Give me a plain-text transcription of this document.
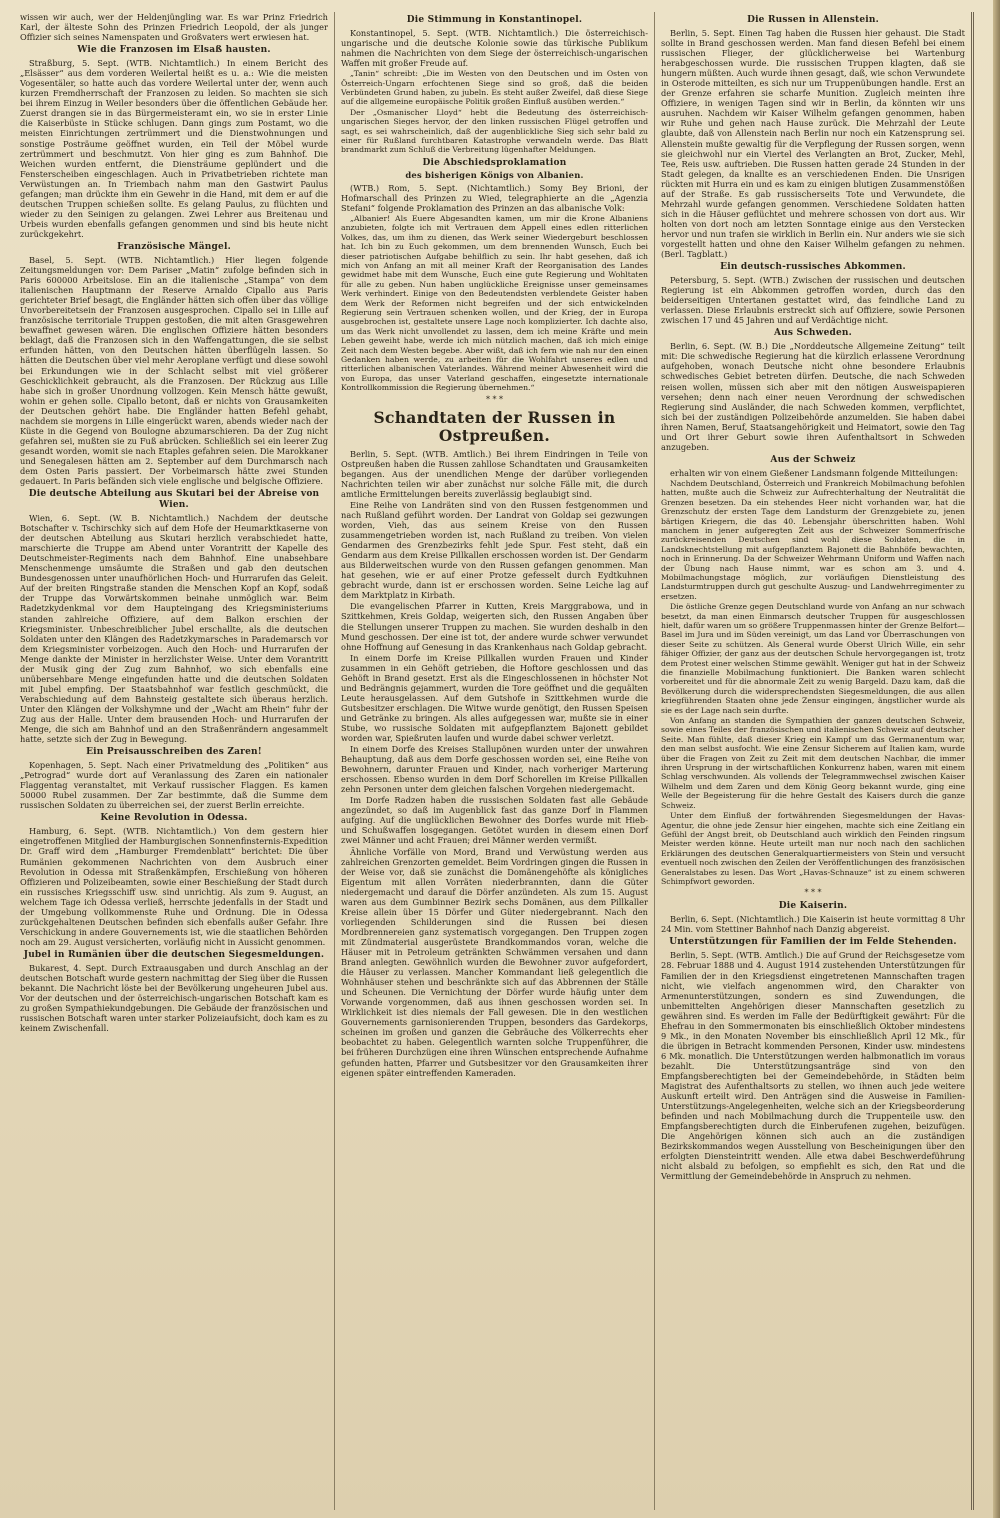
wissen wir auch, wer der Heldenjüngling war. Es war Prinz Friedrich Karl, der älteste Sohn des Prinzen Friedrich Leopold, der als junger Offizier sich seines Namenspaten und Großvaters wert erwiesen hat.

Wie die Franzosen im Elsaß hausten.

Straßburg, 5. Sept. (WTB. Nichtamtlich.) In einem Bericht des „Elsässer“ aus dem vorderen Weilertal heißt es u. a.: Wie die meisten Vogesentäler, so hatte auch das vordere Weilertal unter der, wenn auch kurzen Fremdherrschaft der Franzosen zu leiden. So machten sie sich bei ihrem Einzug in Weiler besonders über die öffentlichen Gebäude her. Zuerst drangen sie in das Bürgermeisteramt ein, wo sie in erster Linie die Kaiserbüste in Stücke schlugen. Dann gings zum Postamt, wo die meisten Einrichtungen zertrümmert und die Dienstwohnungen und sonstige Posträume geöffnet wurden, ein Teil der Möbel wurde zertrümmert und beschmutzt. Von hier ging es zum Bahnhof. Die Weichen wurden entfernt, die Diensträume geplündert und die Fensterscheiben eingeschlagen. Auch in Privatbetrieben richtete man Verwüstungen an. In Triembach nahm man den Gastwirt Paulus gefangen; man drückte ihm ein Gewehr in die Hand, mit dem er auf die deutschen Truppen schießen sollte. Es gelang Paulus, zu flüchten und wieder zu den Seinigen zu gelangen. Zwei Lehrer aus Breitenau und Urbeis wurden ebenfalls gefangen genommen und sind bis heute nicht zurückgekehrt.

Französische Mängel.

Basel, 5. Sept. (WTB. Nichtamtlich.) Hier liegen folgende Zeitungsmeldungen vor: Dem Pariser „Matin“ zufolge befinden sich in Paris 600000 Arbeitslose. Ein an die italienische „Stampa“ von dem italienischen Hauptmann der Reserve Arnaldo Cipallo aus Paris gerichteter Brief besagt, die Engländer hätten sich offen über das völlige Unvorbereitetsein der Franzosen ausgesprochen. Cipallo sei in Lille auf französische territoriale Truppen gestoßen, die mit alten Grasgewehren bewaffnet gewesen wären. Die englischen Offiziere hätten besonders beklagt, daß die Franzosen sich in den Waffengattungen, die sie selbst erfunden hätten, von den Deutschen hätten überflügeln lassen. So hätten die Deutschen über viel mehr Aeroplane verfügt und diese sowohl bei Erkundungen wie in der Schlacht selbst mit viel größerer Geschicklichkeit gebraucht, als die Franzosen. Der Rückzug aus Lille habe sich in großer Unordnung vollzogen. Kein Mensch hätte gewußt, wohin er gehen solle. Cipallo betont, daß er nichts von Grausamkeiten der Deutschen gehört habe. Die Engländer hatten Befehl gehabt, nachdem sie morgens in Lille eingerückt waren, abends wieder nach der Küste in die Gegend von Boulogne abzumarschieren. Da der Zug nicht gefahren sei, mußten sie zu Fuß abrücken. Schließlich sei ein leerer Zug gesandt worden, womit sie nach Etaples gefahren seien. Die Marokkaner und Senegalesen hätten am 2. September auf dem Durchmarsch nach dem Osten Paris passiert. Der Vorbeimarsch hätte zwei Stunden gedauert. In Paris befänden sich viele englische und belgische Offiziere.

Die deutsche Abteilung aus Skutari bei der Abreise von Wien.

Wien, 6. Sept. (W. B. Nichtamtlich.) Nachdem der deutsche Botschafter v. Tschirschky sich auf dem Hofe der Heumarktkaserne von der deutschen Abteilung aus Skutari herzlich verabschiedet hatte, marschierte die Truppe am Abend unter Vorantritt der Kapelle des Deutschmeister-Regiments nach dem Bahnhof. Eine unabsehbare Menschenmenge umsäumte die Straßen und gab den deutschen Bundesgenossen unter unaufhörlichen Hoch- und Hurrarufen das Geleit. Auf der breiten Ringstraße standen die Menschen Kopf an Kopf, sodaß der Truppe das Vorwärtskommen beinahe unmöglich war. Beim Radetzkydenkmal vor dem Haupteingang des Kriegsministeriums standen zahlreiche Offiziere, auf dem Balkon erschien der Kriegsminister. Unbeschreiblicher Jubel erschallte, als die deutschen Soldaten unter den Klängen des Radetzkymarsches in Parademarsch vor dem Kriegsminister vorbeizogen. Auch den Hoch- und Hurrarufen der Menge dankte der Minister in herzlichster Weise. Unter dem Vorantritt der Musik ging der Zug zum Bahnhof, wo sich ebenfalls eine unübersehbare Menge eingefunden hatte und die deutschen Soldaten mit Jubel empfing. Der Staatsbahnhof war festlich geschmückt, die Verabschiedung auf dem Bahnsteig gestaltete sich überaus herzlich. Unter den Klängen der Volkshymne und der „Wacht am Rhein“ fuhr der Zug aus der Halle. Unter dem brausenden Hoch- und Hurrarufen der Menge, die sich am Bahnhof und an den Straßenrändern angesammelt hatte, setzte sich der Zug in Bewegung.

Ein Preisausschreiben des Zaren!

Kopenhagen, 5. Sept. Nach einer Privatmeldung des „Politiken“ aus „Petrograd“ wurde dort auf Veranlassung des Zaren ein nationaler Flaggentag veranstaltet, mit Verkauf russischer Flaggen. Es kamen 50000 Rubel zusammen. Der Zar bestimmte, daß die Summe dem russischen Soldaten zu überreichen sei, der zuerst Berlin erreichte.

Keine Revolution in Odessa.

Hamburg, 6. Sept. (WTB. Nichtamtlich.) Von dem gestern hier eingetroffenen Mitglied der Hamburgischen Sonnenfinsternis-Expedition Dr. Graff wird dem „Hamburger Fremdenblatt“ berichtet: Die über Rumänien gekommenen Nachrichten von dem Ausbruch einer Revolution in Odessa mit Straßenkämpfen, Erschießung von höheren Offizieren und Polizeibeamten, sowie einer Beschießung der Stadt durch ein russisches Kriegsschiff usw. sind unrichtig. Als zum 9. August, an welchem Tage ich Odessa verließ, herrschte jedenfalls in der Stadt und der Umgebung vollkommenste Ruhe und Ordnung. Die in Odessa zurückgehaltenen Deutschen befinden sich ebenfalls außer Gefahr. Ihre Verschickung in andere Gouvernements ist, wie die staatlichen Behörden noch am 29. August versicherten, vorläufig nicht in Aussicht genommen.

Jubel in Rumänien über die deutschen Siegesmeldungen.

Bukarest, 4. Sept. Durch Extraausgaben und durch Anschlag an der deutschen Botschaft wurde gestern nachmittag der Sieg über die Russen bekannt. Die Nachricht löste bei der Bevölkerung ungeheuren Jubel aus. Vor der deutschen und der österreichisch-ungarischen Botschaft kam es zu großen Sympathiekundgebungen. Die Gebäude der französischen und russischen Botschaft waren unter starker Polizeiaufsicht, doch kam es zu keinem Zwischenfall.

Die Stimmung in Konstantinopel.

Konstantinopel, 5. Sept. (WTB. Nichtamtlich.) Die österreichisch-ungarische und die deutsche Kolonie sowie das türkische Publikum nahmen die Nachrichten von dem Siege der österreichisch-ungarischen Waffen mit großer Freude auf.

„Tanin“ schreibt: „Die im Westen von den Deutschen und im Osten von Österreich-Ungarn erfochtenen Siege sind so groß, daß die beiden Verbündeten Grund haben, zu jubeln. Es steht außer Zweifel, daß diese Siege auf die allgemeine europäische Politik großen Einfluß ausüben werden.“

Der „Osmanischer Lloyd“ hebt die Bedeutung des österreichisch-ungarischen Sieges hervor, der den linken russischen Flügel getroffen und sagt, es sei wahrscheinlich, daß der augenblickliche Sieg sich sehr bald zu einer für Rußland furchtbaren Katastrophe verwandeln werde. Das Blatt brandmarkt zum Schluß die Verbreitung lügenhafter Meldungen.

Die Abschiedsproklamation
des bisherigen Königs von Albanien.

(WTB.) Rom, 5. Sept. (Nichtamtlich.) Somy Bey Brioni, der Hofmarschall des Prinzen zu Wied, telegraphierte an die „Agenzia Stefani“ folgende Proklamation des Prinzen an das albanische Volk:

„Albanier! Als Euere Abgesandten kamen, um mir die Krone Albaniens anzubieten, folgte ich mit Vertrauen dem Appell eines edlen ritterlichen Volkes, das, um ihm zu dienen, das Werk seiner Wiedergeburt beschlossen hat. Ich bin zu Euch gekommen, um dem brennenden Wunsch, Euch bei dieser patriotischen Aufgabe behilflich zu sein. Ihr habt gesehen, daß ich mich von Anfang an mit all meiner Kraft der Reorganisation des Landes gewidmet habe mit dem Wunsche, Euch eine gute Regierung und Wohltaten für alle zu geben. Nun haben unglückliche Ereignisse unser gemeinsames Werk verhindert. Einige von den Bedeutendsten verblendete Geister haben dem Werk der Reformen nicht begreifen und der sich entwickelnden Regierung sein Vertrauen schenken wollen, und der Krieg, der in Europa ausgebrochen ist, gestaltete unsere Lage noch komplizierter. Ich dachte also, um das Werk nicht unvollendet zu lassen, dem ich meine Kräfte und mein Leben geweiht habe, werde ich mich nützlich machen, daß ich mich einige Zeit nach dem Westen begebe. Aber wißt, daß ich fern wie nah nur den einen Gedanken haben werde, zu arbeiten für die Wohlfahrt unseres edlen und ritterlichen albanischen Vaterlandes. Während meiner Abwesenheit wird die von Europa, das unser Vaterland geschaffen, eingesetzte internationale Kontrollkommission die Regierung übernehmen.“

* * *
Schandtaten der Russen in Ostpreußen.

Berlin, 5. Sept. (WTB. Amtlich.) Bei ihrem Eindringen in Teile von Ostpreußen haben die Russen zahllose Schandtaten und Grausamkeiten begangen. Aus der unendlichen Menge der darüber vorliegenden Nachrichten teilen wir aber zunächst nur solche Fälle mit, die durch amtliche Ermittelungen bereits zuverlässig beglaubigt sind.

Eine Reihe von Landräten sind von den Russen festgenommen und nach Rußland geführt worden. Der Landrat von Goldap sei gezwungen worden, Vieh, das aus seinem Kreise von den Russen zusammengetrieben worden ist, nach Rußland zu treiben. Von vielen Gendarmen des Grenzbezirks fehlt jede Spur. Fest steht, daß ein Gendarm aus dem Kreise Pillkallen erschossen worden ist. Der Gendarm aus Bilderweitschen wurde von den Russen gefangen genommen. Man hat gesehen, wie er auf einer Protze gefesselt durch Eydtkuhnen gebracht wurde, dann ist er erschossen worden. Seine Leiche lag auf dem Marktplatz in Kirbath.

Die evangelischen Pfarrer in Kutten, Kreis Marggrabowa, und in Szittkehmen, Kreis Goldap, weigerten sich, den Russen Angaben über die Stellungen unserer Truppen zu machen. Sie wurden deshalb in den Mund geschossen. Der eine ist tot, der andere wurde schwer verwundet ohne Hoffnung auf Genesung in das Krankenhaus nach Goldap gebracht.

In einem Dorfe im Kreise Pillkallen wurden Frauen und Kinder zusammen in ein Gehöft getrieben, die Hoftore geschlossen und das Gehöft in Brand gesetzt. Erst als die Eingeschlossenen in höchster Not und Bedrängnis gejammert, wurden die Tore geöffnet und die gequälten Leute herausgelassen. Auf dem Gutshofe in Szittkehmen wurde die Gutsbesitzer erschlagen. Die Witwe wurde genötigt, den Russen Speisen und Getränke zu bringen. Als alles aufgegessen war, mußte sie in einer Stube, wo russische Soldaten mit aufgepflanztem Bajonett gebildet worden war, Spießruten laufen und wurde dabei schwer verletzt.

In einem Dorfe des Kreises Stallupönen wurden unter der unwahren Behauptung, daß aus dem Dorfe geschossen worden sei, eine Reihe von Bewohnern, darunter Frauen und Kinder, nach vorheriger Marterung erschossen. Ebenso wurden in dem Dorf Schorellen im Kreise Pillkallen zehn Personen unter dem gleichen falschen Vorgehen niedergemacht.

Im Dorfe Radzen haben die russischen Soldaten fast alle Gebäude angezündet, so daß im Augenblick fast das ganze Dorf in Flammen aufging. Auf die unglücklichen Bewohner des Dorfes wurde mit Hieb- und Schußwaffen losgegangen. Getötet wurden in diesem einen Dorf zwei Männer und acht Frauen; drei Männer werden vermißt.

Ähnliche Vorfälle von Mord, Brand und Verwüstung werden aus zahlreichen Grenzorten gemeldet. Beim Vordringen gingen die Russen in der Weise vor, daß sie zunächst die Domänengehöfte als königliches Eigentum mit allen Vorräten niederbrannten, dann die Güter niedergemacht und darauf die Dörfer anzündeten. Als zum 15. August waren aus dem Gumbinner Bezirk sechs Domänen, aus dem Pillkaller Kreise allein über 15 Dörfer und Güter niedergebrannt. Nach den vorliegenden Schilderungen sind die Russen bei diesen Mordbrennereien ganz systematisch vorgegangen. Den Truppen zogen mit Zündmaterial ausgerüstete Brandkommandos voran, welche die Häuser mit in Petroleum getränkten Schwämmen versahen und dann Brand anlegten. Gewöhnlich wurden die Bewohner zuvor aufgefordert, die Häuser zu verlassen. Mancher Kommandant ließ gelegentlich die Wohnhäuser stehen und beschränkte sich auf das Abbrennen der Ställe und Scheunen. Die Vernichtung der Dörfer wurde häufig unter dem Vorwande vorgenommen, daß aus ihnen geschossen worden sei. In Wirklichkeit ist dies niemals der Fall gewesen. Die in den westlichen Gouvernements garnisonierenden Truppen, besonders das Gardekorps, scheinen im großen und ganzen die Gebräuche des Völkerrechts eher beobachtet zu haben. Gelegentlich warnten solche Truppenführer, die bei früheren Durchzügen eine ihren Wünschen entsprechende Aufnahme gefunden hatten, Pfarrer und Gutsbesitzer vor den Grausamkeiten ihrer eigenen später eintreffenden Kameraden.

Die Russen in Allenstein.

Berlin, 5. Sept. Einen Tag haben die Russen hier gehaust. Die Stadt sollte in Brand geschossen werden. Man fand diesen Befehl bei einem russischen Flieger, der glücklicherweise bei Wartenburg herabgeschossen wurde. Die russischen Truppen klagten, daß sie hungern müßten. Auch wurde ihnen gesagt, daß, wie schon Verwundete in Osterode mitteilten, es sich nur um Truppenübungen handle. Erst an der Grenze erfahren sie scharfe Munition. Zugleich meinten ihre Offiziere, in wenigen Tagen sind wir in Berlin, da könnten wir uns ausruhen. Nachdem wir Kaiser Wilhelm gefangen genommen, haben wir Ruhe und gehen nach Hause zurück. Die Mehrzahl der Leute glaubte, daß von Allenstein nach Berlin nur noch ein Katzensprung sei. Allenstein mußte gewaltig für die Verpflegung der Russen sorgen, wenn sie gleichwohl nur ein Viertel des Verlangten an Brot, Zucker, Mehl, Tee, Reis usw. auftrieben. Die Russen hatten gerade 24 Stunden in der Stadt gelegen, da knallte es an verschiedenen Enden. Die Unsrigen rückten mit Hurra ein und es kam zu einigen blutigen Zusammenstößen auf der Straße. Es gab russischerseits Tote und Verwundete, die Mehrzahl wurde gefangen genommen. Verschiedene Soldaten hatten sich in die Häuser geflüchtet und mehrere schossen von dort aus. Wir holten von dort noch am letzten Sonntage einige aus den Verstecken hervor und nun trafen sie wirklich in Berlin ein. Nur anders wie sie sich vorgestellt hatten und ohne den Kaiser Wilhelm gefangen zu nehmen. (Berl. Tagblatt.)

Ein deutsch-russisches Abkommen.

Petersburg, 5. Sept. (WTB.) Zwischen der russischen und deutschen Regierung ist ein Abkommen getroffen worden, durch das den beiderseitigen Untertanen gestattet wird, das feindliche Land zu verlassen. Diese Erlaubnis erstreckt sich auf Offiziere, sowie Personen zwischen 17 und 45 Jahren und auf Verdächtige nicht.

Aus Schweden.

Berlin, 6. Sept. (W. B.) Die „Norddeutsche Allgemeine Zeitung“ teilt mit: Die schwedische Regierung hat die kürzlich erlassene Verordnung aufgehoben, wonach Deutsche nicht ohne besondere Erlaubnis schwedisches Gebiet betreten dürfen. Deutsche, die nach Schweden reisen wollen, müssen sich aber mit den nötigen Ausweispapieren versehen; denn nach einer neuen Verordnung der schwedischen Regierung sind Ausländer, die nach Schweden kommen, verpflichtet, sich bei der zuständigen Polizeibehörde anzumelden. Sie haben dabei ihren Namen, Beruf, Staatsangehörigkeit und Heimatort, sowie den Tag und Ort ihrer Geburt sowie ihren Aufenthaltsort in Schweden anzugeben.

Aus der Schweiz

erhalten wir von einem Gießener Landsmann folgende Mitteilungen:

Nachdem Deutschland, Österreich und Frankreich Mobilmachung befohlen hatten, mußte auch die Schweiz zur Aufrechterhaltung der Neutralität die Grenzen besetzen. Da ein stehendes Heer nicht vorhanden war, hat die Grenzschutz der ersten Tage dem Landsturm der Grenzgebiete zu, jenen bärtigen Kriegern, die das 40. Lebensjahr überschritten haben. Wohl manchem in jener aufgeregten Zeit aus der Schweizer Sommerfrische zurückreisenden Deutschen sind wohl diese Soldaten, die in Landsknechtstellung mit aufgepflanztem Bajonett die Bahnhöfe bewachten, noch in Erinnerung. Da der Schweizer Wehrmann Uniform und Waffen nach der Übung nach Hause nimmt, war es schon am 3. und 4. Mobilmachungstage möglich, zur vorläufigen Dienstleistung des Landsturmtruppen durch gut geschulte Auszug- und Landwehrregimenter zu ersetzen.

Die östliche Grenze gegen Deutschland wurde von Anfang an nur schwach besetzt, da man einen Einmarsch deutscher Truppen für ausgeschlossen hielt, dafür waren um so größere Truppenmassen hinter der Grenze Belfort—Basel im Jura und im Süden vereinigt, um das Land vor Überraschungen von dieser Seite zu schützen. Als General wurde Oberst Ulrich Wille, ein sehr fähiger Offizier, der ganz aus der deutschen Schule hervorgegangen ist, trotz dem Protest einer welschen Stimme gewählt. Weniger gut hat in der Schweiz die finanzielle Mobilmachung funktioniert. Die Banken waren schlecht vorbereitet und für die abnormale Zeit zu wenig Bargeld. Dazu kam, daß die Bevölkerung durch die widersprechendsten Siegesmeldungen, die aus allen kriegführenden Staaten ohne jede Zensur eingingen, ängstlicher wurde als sie es der Lage nach sein durfte.

Von Anfang an standen die Sympathien der ganzen deutschen Schweiz, sowie eines Teiles der französischen und italienischen Schweiz auf deutscher Seite. Man fühlte, daß dieser Krieg ein Kampf um das Germanentum war, den man selbst ausfocht. Wie eine Zensur Sicherem auf Italien kam, wurde über die Fragen von Zeit zu Zeit mit dem deutschen Nachbar, die immer ihren Ursprung in der wirtschaftlichen Konkurrenz haben, waren mit einem Schlag verschwunden. Als vollends der Telegrammwechsel zwischen Kaiser Wilhelm und dem Zaren und dem König Georg bekannt wurde, ging eine Welle der Begeisterung für die hehre Gestalt des Kaisers durch die ganze Schweiz.

Unter dem Einfluß der fortwährenden Siegesmeldungen der Havas-Agentur, die ohne jede Zensur hier eingehen, machte sich eine Zeitlang ein Gefühl der Angst breit, ob Deutschland auch wirklich den Feinden ringsum Meister werden könne. Heute urteilt man nur noch nach den sachlichen Erklärungen des deutschen Generalquartiermeisters von Stein und versucht eventuell noch zwischen den Zeilen der Veröffentlichungen des französischen Generalstabes zu lesen. Das Wort „Havas-Schnauze“ ist zu einem schweren Schimpfwort geworden.

* * *
Die Kaiserin.

Berlin, 6. Sept. (Nichtamtlich.) Die Kaiserin ist heute vormittag 8 Uhr 24 Min. vom Stettiner Bahnhof nach Danzig abgereist.

Unterstützungen für Familien der im Felde Stehenden.

Berlin, 5. Sept. (WTB. Amtlich.) Die auf Grund der Reichsgesetze vom 28. Februar 1888 und 4. August 1914 zustehenden Unterstützungen für Familien der in den Kriegsdienst eingetretenen Mannschaften tragen nicht, wie vielfach angenommen wird, den Charakter von Armenunterstützungen, sondern es sind Zuwendungen, die unbemittelten Angehörigen dieser Mannschaften gesetzlich zu gewähren sind. Es werden im Falle der Bedürftigkeit gewährt: Für die Ehefrau in den Sommermonaten bis einschließlich Oktober mindestens 9 Mk., in den Monaten November bis einschließlich April 12 Mk., für die übrigen in Betracht kommenden Personen, Kinder usw. mindestens 6 Mk. monatlich. Die Unterstützungen werden halbmonatlich im voraus bezahlt. Die Unterstützungsanträge sind von den Empfangsberechtigten bei der Gemeindebehörde, in Städten beim Magistrat des Aufenthaltsorts zu stellen, wo ihnen auch jede weitere Auskunft erteilt wird. Den Anträgen sind die Ausweise in Familien-Unterstützungs-Angelegenheiten, welche sich an der Kriegsbeorderung befinden und nach Mobilmachung durch die Truppenteile usw. den Empfangsberechtigten durch die Einberufenen zugehen, beizufügen. Die Angehörigen können sich auch an die zuständigen Bezirkskommandos wegen Ausstellung von Bescheinigungen über den erfolgten Diensteintritt wenden. Alle etwa dabei Beschwerdeführung nicht alsbald zu befolgen, so empfiehlt es sich, den Rat und die Vermittlung der Gemeindebehörde in Anspruch zu nehmen.
